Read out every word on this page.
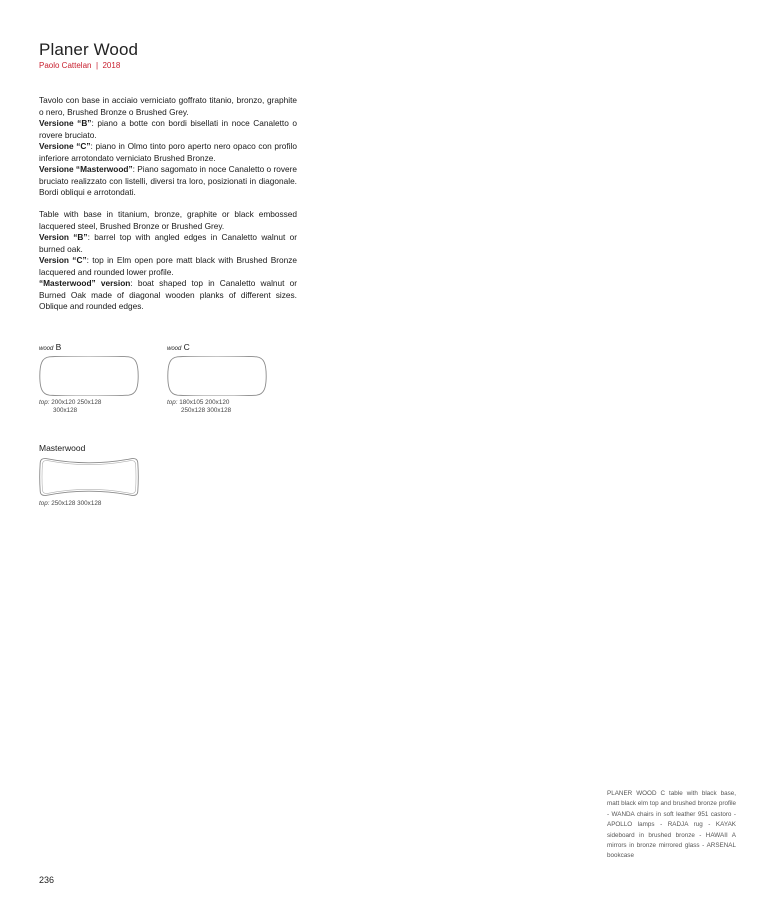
Planer Wood
Paolo Cattelan | 2018
Tavolo con base in acciaio verniciato goffrato titanio, bronzo, graphite o nero, Brushed Bronze o Brushed Grey.
Versione “B”: piano a botte con bordi bisellati in noce Canaletto o rovere bruciato.
Versione “C”: piano in Olmo tinto poro aperto nero opaco con profilo inferiore arrotondato verniciato Brushed Bronze.
Versione “Masterwood”: Piano sagomato in noce Canaletto o rovere bruciato realizzato con listelli, diversi tra loro, posizionati in diagonale. Bordi obliqui e arrotondati.
Table with base in titanium, bronze, graphite or black embossed lacquered steel, Brushed Bronze or Brushed Grey.
Version “B”: barrel top with angled edges in Canaletto walnut or burned oak.
Version “C”: top in Elm open pore matt black with Brushed Bronze lacquered and rounded lower profile.
“Masterwood” version: boat shaped top in Canaletto walnut or Burned Oak made of diagonal wooden planks of different sizes. Oblique and rounded edges.
wood B
top: 200x120 250x128
300x128
wood C
top: 180x105 200x120
250x128 300x128
Masterwood
top: 250x128 300x128
PLANER WOOD C table with black base, matt black elm top and brushed bronze profile - WANDA chairs in soft leather 951 castoro - APOLLO lamps - RADJA rug - KAYAK sideboard in brushed bronze - HAWAII A mirrors in bronze mirrored glass - ARSENAL bookcase
236
